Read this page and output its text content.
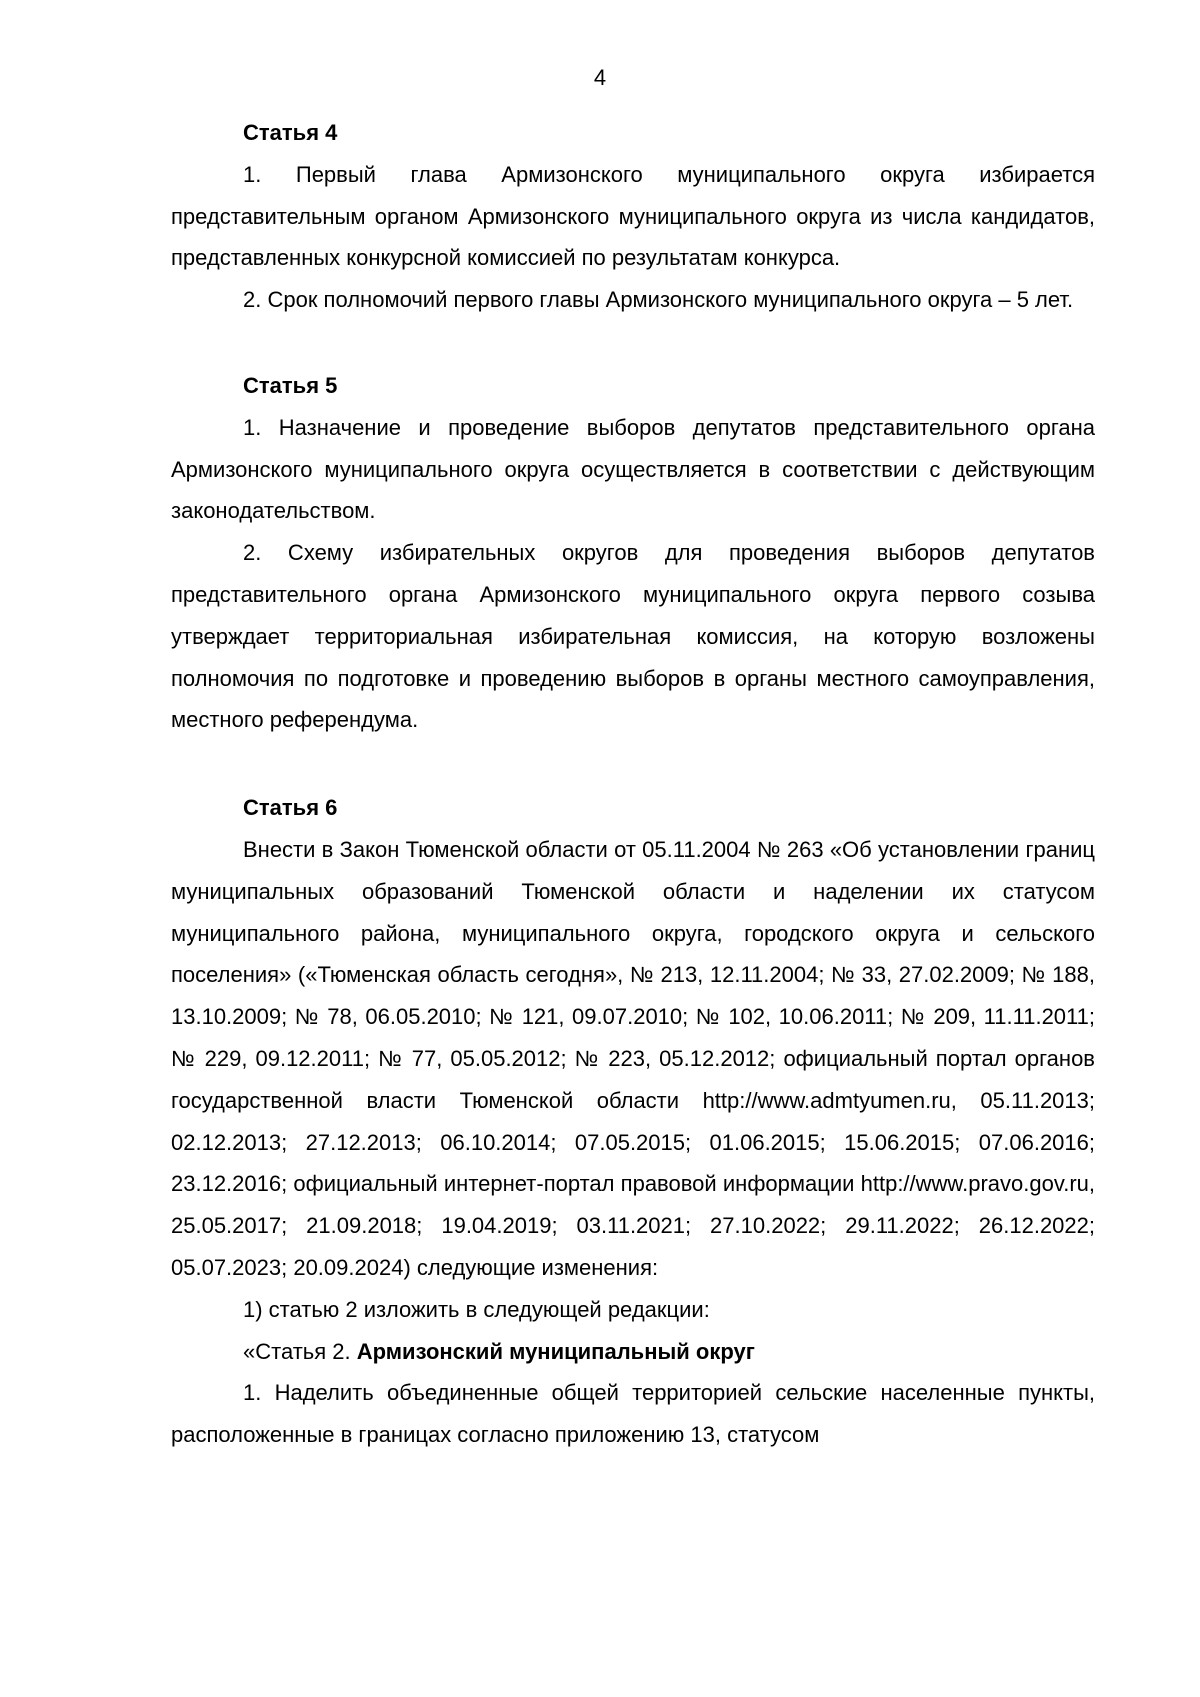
4

Статья 4

1. Первый глава Армизонского муниципального округа избирается представительным органом Армизонского муниципального округа из числа кандидатов, представленных конкурсной комиссией по результатам конкурса.

2. Срок полномочий первого главы Армизонского муниципального округа – 5 лет.

Статья 5

1. Назначение и проведение выборов депутатов представительного органа Армизонского муниципального округа осуществляется в соответствии с действующим законодательством.

2. Схему избирательных округов для проведения выборов депутатов представительного органа Армизонского муниципального округа первого созыва утверждает территориальная избирательная комиссия, на которую возложены полномочия по подготовке и проведению выборов в органы местного самоуправления, местного референдума.

Статья 6

Внести в Закон Тюменской области от 05.11.2004 № 263 «Об установлении границ муниципальных образований Тюменской области и наделении их статусом муниципального района, муниципального округа, городского округа и сельского поселения» («Тюменская область сегодня», № 213, 12.11.2004; № 33, 27.02.2009; № 188, 13.10.2009; № 78, 06.05.2010; № 121, 09.07.2010; № 102, 10.06.2011; № 209, 11.11.2011; № 229, 09.12.2011; № 77, 05.05.2012; № 223, 05.12.2012; официальный портал органов государственной власти Тюменской области http://www.admtyumen.ru, 05.11.2013; 02.12.2013; 27.12.2013; 06.10.2014; 07.05.2015; 01.06.2015; 15.06.2015; 07.06.2016; 23.12.2016; официальный интернет-портал правовой информации http://www.pravo.gov.ru, 25.05.2017; 21.09.2018; 19.04.2019; 03.11.2021; 27.10.2022; 29.11.2022; 26.12.2022; 05.07.2023; 20.09.2024) следующие изменения:

1) статью 2 изложить в следующей редакции:

«Статья 2. Армизонский муниципальный округ

1. Наделить объединенные общей территорией сельские населенные пункты, расположенные в границах согласно приложению 13, статусом
